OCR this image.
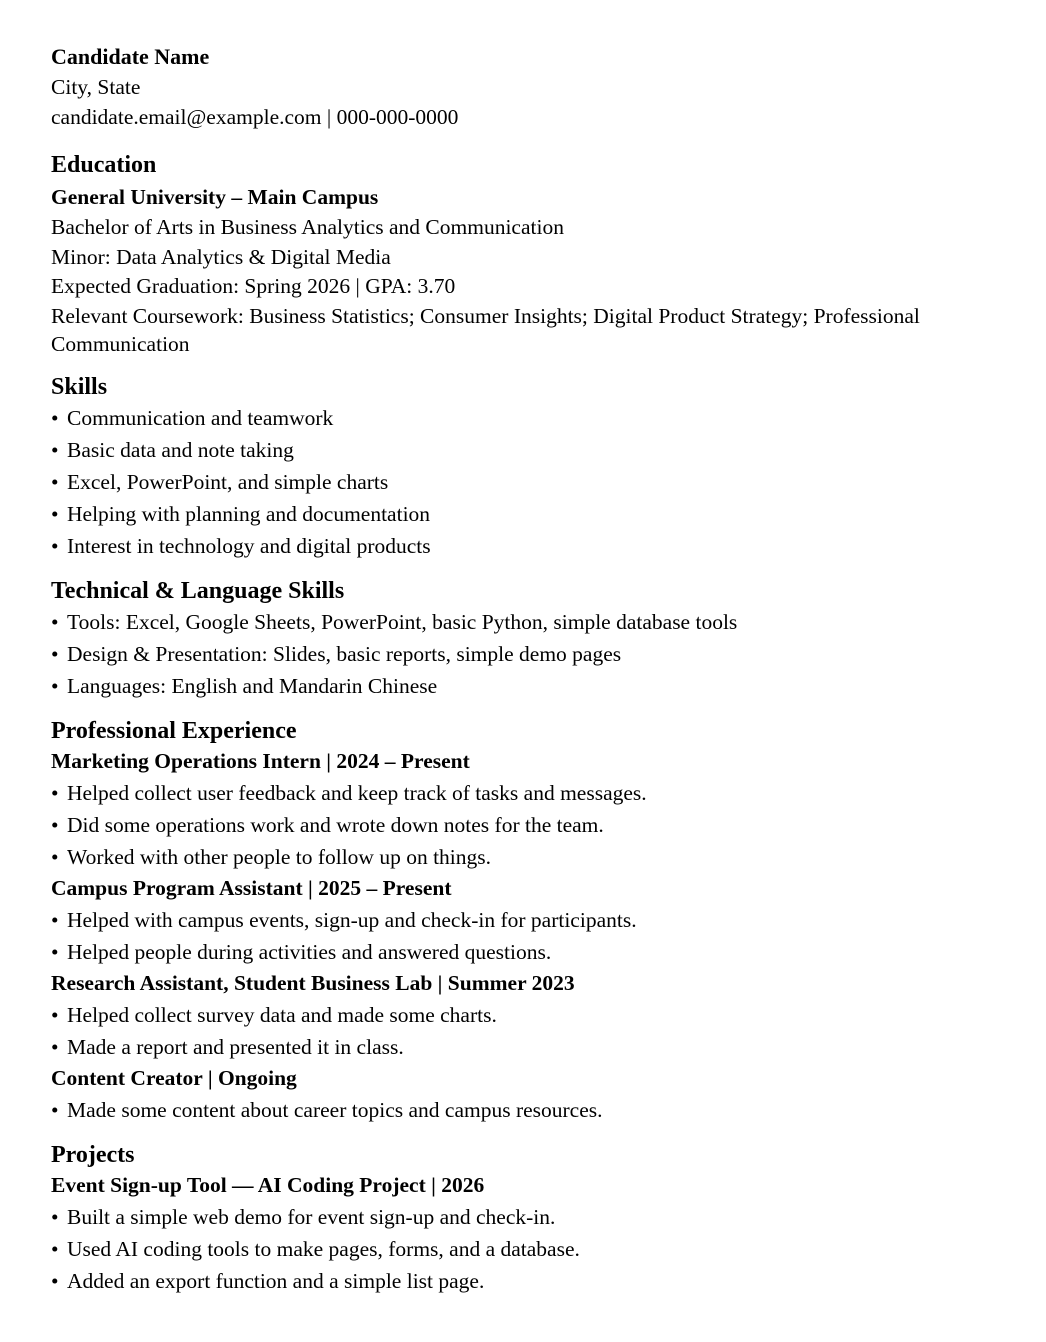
Candidate Name

City, State

candidate.email@example.com | 000-000-0000

Education

General University – Main Campus

Bachelor of Arts in Business Analytics and Communication

Minor: Data Analytics & Digital Media

Expected Graduation: Spring 2026 | GPA: 3.70

Relevant Coursework: Business Statistics; Consumer Insights; Digital Product Strategy; Professional Communication

Skills

• Communication and teamwork

• Basic data and note taking

• Excel, PowerPoint, and simple charts

• Helping with planning and documentation

• Interest in technology and digital products

Technical & Language Skills

• Tools: Excel, Google Sheets, PowerPoint, basic Python, simple database tools

• Design & Presentation: Slides, basic reports, simple demo pages

• Languages: English and Mandarin Chinese

Professional Experience

Marketing Operations Intern | 2024 – Present

• Helped collect user feedback and keep track of tasks and messages.

• Did some operations work and wrote down notes for the team.

• Worked with other people to follow up on things.

Campus Program Assistant | 2025 – Present

• Helped with campus events, sign-up and check-in for participants.

• Helped people during activities and answered questions.

Research Assistant, Student Business Lab | Summer 2023

• Helped collect survey data and made some charts.

• Made a report and presented it in class.

Content Creator | Ongoing

• Made some content about career topics and campus resources.

Projects

Event Sign-up Tool — AI Coding Project | 2026

• Built a simple web demo for event sign-up and check-in.

• Used AI coding tools to make pages, forms, and a database.

• Added an export function and a simple list page.
